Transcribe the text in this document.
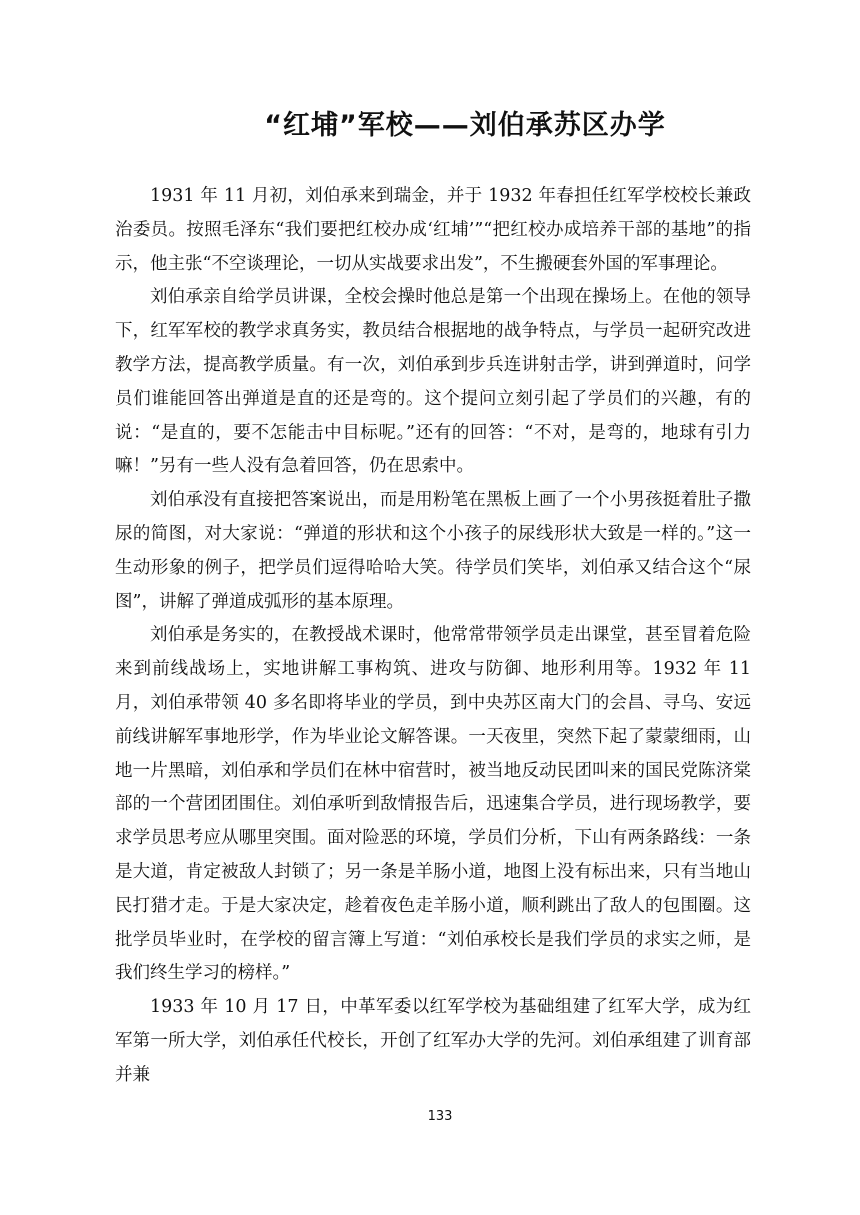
“红埔”军校——刘伯承苏区办学

1931 年 11 月初，刘伯承来到瑞金，并于 1932 年春担任红军学校校长兼政治委员。按照毛泽东“我们要把红校办成‘红埔’”“把红校办成培养干部的基地”的指示，他主张“不空谈理论，一切从实战要求出发”，不生搬硬套外国的军事理论。

刘伯承亲自给学员讲课，全校会操时他总是第一个出现在操场上。在他的领导下，红军军校的教学求真务实，教员结合根据地的战争特点，与学员一起研究改进教学方法，提高教学质量。有一次，刘伯承到步兵连讲射击学，讲到弹道时，问学员们谁能回答出弹道是直的还是弯的。这个提问立刻引起了学员们的兴趣，有的说：“是直的，要不怎能击中目标呢。”还有的回答：“不对，是弯的，地球有引力嘛！”另有一些人没有急着回答，仍在思索中。

刘伯承没有直接把答案说出，而是用粉笔在黑板上画了一个小男孩挺着肚子撒尿的简图，对大家说：“弹道的形状和这个小孩子的尿线形状大致是一样的。”这一生动形象的例子，把学员们逗得哈哈大笑。待学员们笑毕，刘伯承又结合这个“尿图”，讲解了弹道成弧形的基本原理。

刘伯承是务实的，在教授战术课时，他常常带领学员走出课堂，甚至冒着危险来到前线战场上，实地讲解工事构筑、进攻与防御、地形利用等。1932 年 11 月，刘伯承带领 40 多名即将毕业的学员，到中央苏区南大门的会昌、寻乌、安远前线讲解军事地形学，作为毕业论文解答课。一天夜里，突然下起了蒙蒙细雨，山地一片黑暗，刘伯承和学员们在林中宿营时，被当地反动民团叫来的国民党陈济棠部的一个营团团围住。刘伯承听到敌情报告后，迅速集合学员，进行现场教学，要求学员思考应从哪里突围。面对险恶的环境，学员们分析，下山有两条路线：一条是大道，肯定被敌人封锁了；另一条是羊肠小道，地图上没有标出来，只有当地山民打猎才走。于是大家决定，趁着夜色走羊肠小道，顺利跳出了敌人的包围圈。这批学员毕业时，在学校的留言簿上写道：“刘伯承校长是我们学员的求实之师，是我们终生学习的榜样。”

1933 年 10 月 17 日，中革军委以红军学校为基础组建了红军大学，成为红军第一所大学，刘伯承任代校长，开创了红军办大学的先河。刘伯承组建了训育部并兼

133
